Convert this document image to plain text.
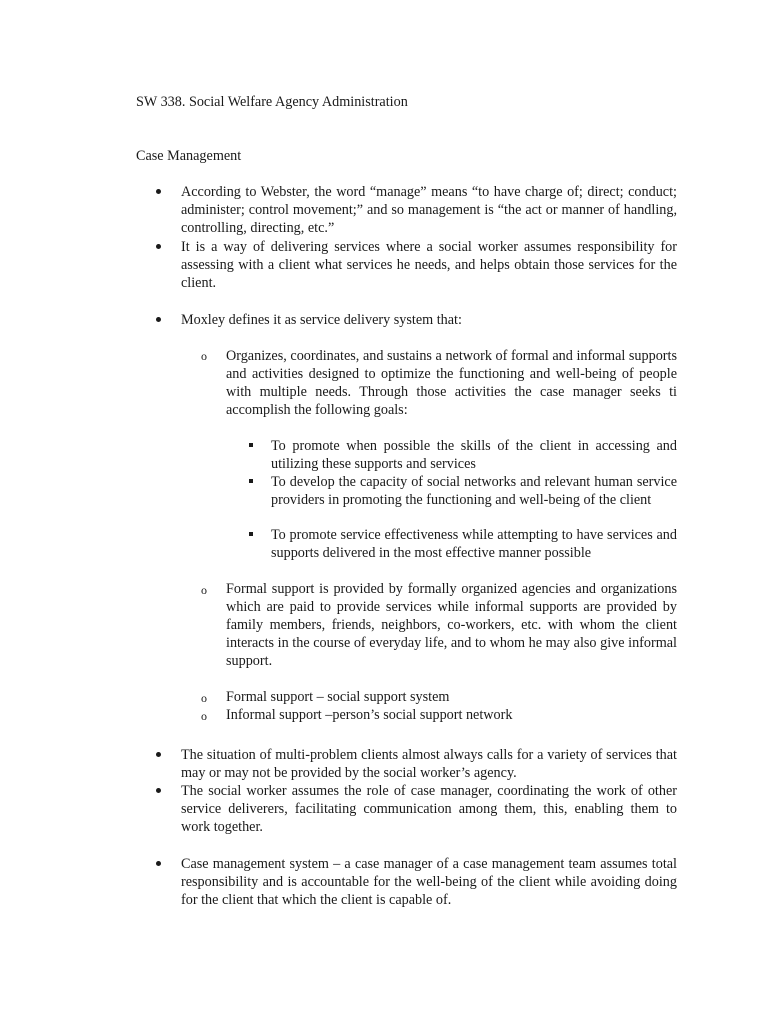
SW 338. Social Welfare Agency Administration
Case Management
According to Webster, the word “manage” means “to have charge of; direct; conduct; administer; control movement;” and so management is “the act or manner of handling, controlling, directing, etc.”
It is a way of delivering services where a social worker assumes responsibility for assessing with a client what services he needs, and helps obtain those services for the client.
Moxley defines it as service delivery system that:
o Organizes, coordinates, and sustains a network of formal and informal supports and activities designed to optimize the functioning and well-being of people with multiple needs. Through those activities the case manager seeks ti accomplish the following goals:
To promote when possible the skills of the client in accessing and utilizing these supports and services
To develop the capacity of social networks and relevant human service providers in promoting the functioning and well-being of the client
To promote service effectiveness while attempting to have services and supports delivered in the most effective manner possible
o Formal support is provided by formally organized agencies and organizations which are paid to provide services while informal supports are provided by family members, friends, neighbors, co-workers, etc. with whom the client interacts in the course of everyday life, and to whom he may also give informal support.
o Formal support – social support system
o Informal support –person’s social support network
The situation of multi-problem clients almost always calls for a variety of services that may or may not be provided by the social worker’s agency.
The social worker assumes the role of case manager, coordinating the work of other service deliverers, facilitating communication among them, this, enabling them to work together.
Case management system – a case manager of a case management team assumes total responsibility and is accountable for the well-being of the client while avoiding doing for the client that which the client is capable of.
